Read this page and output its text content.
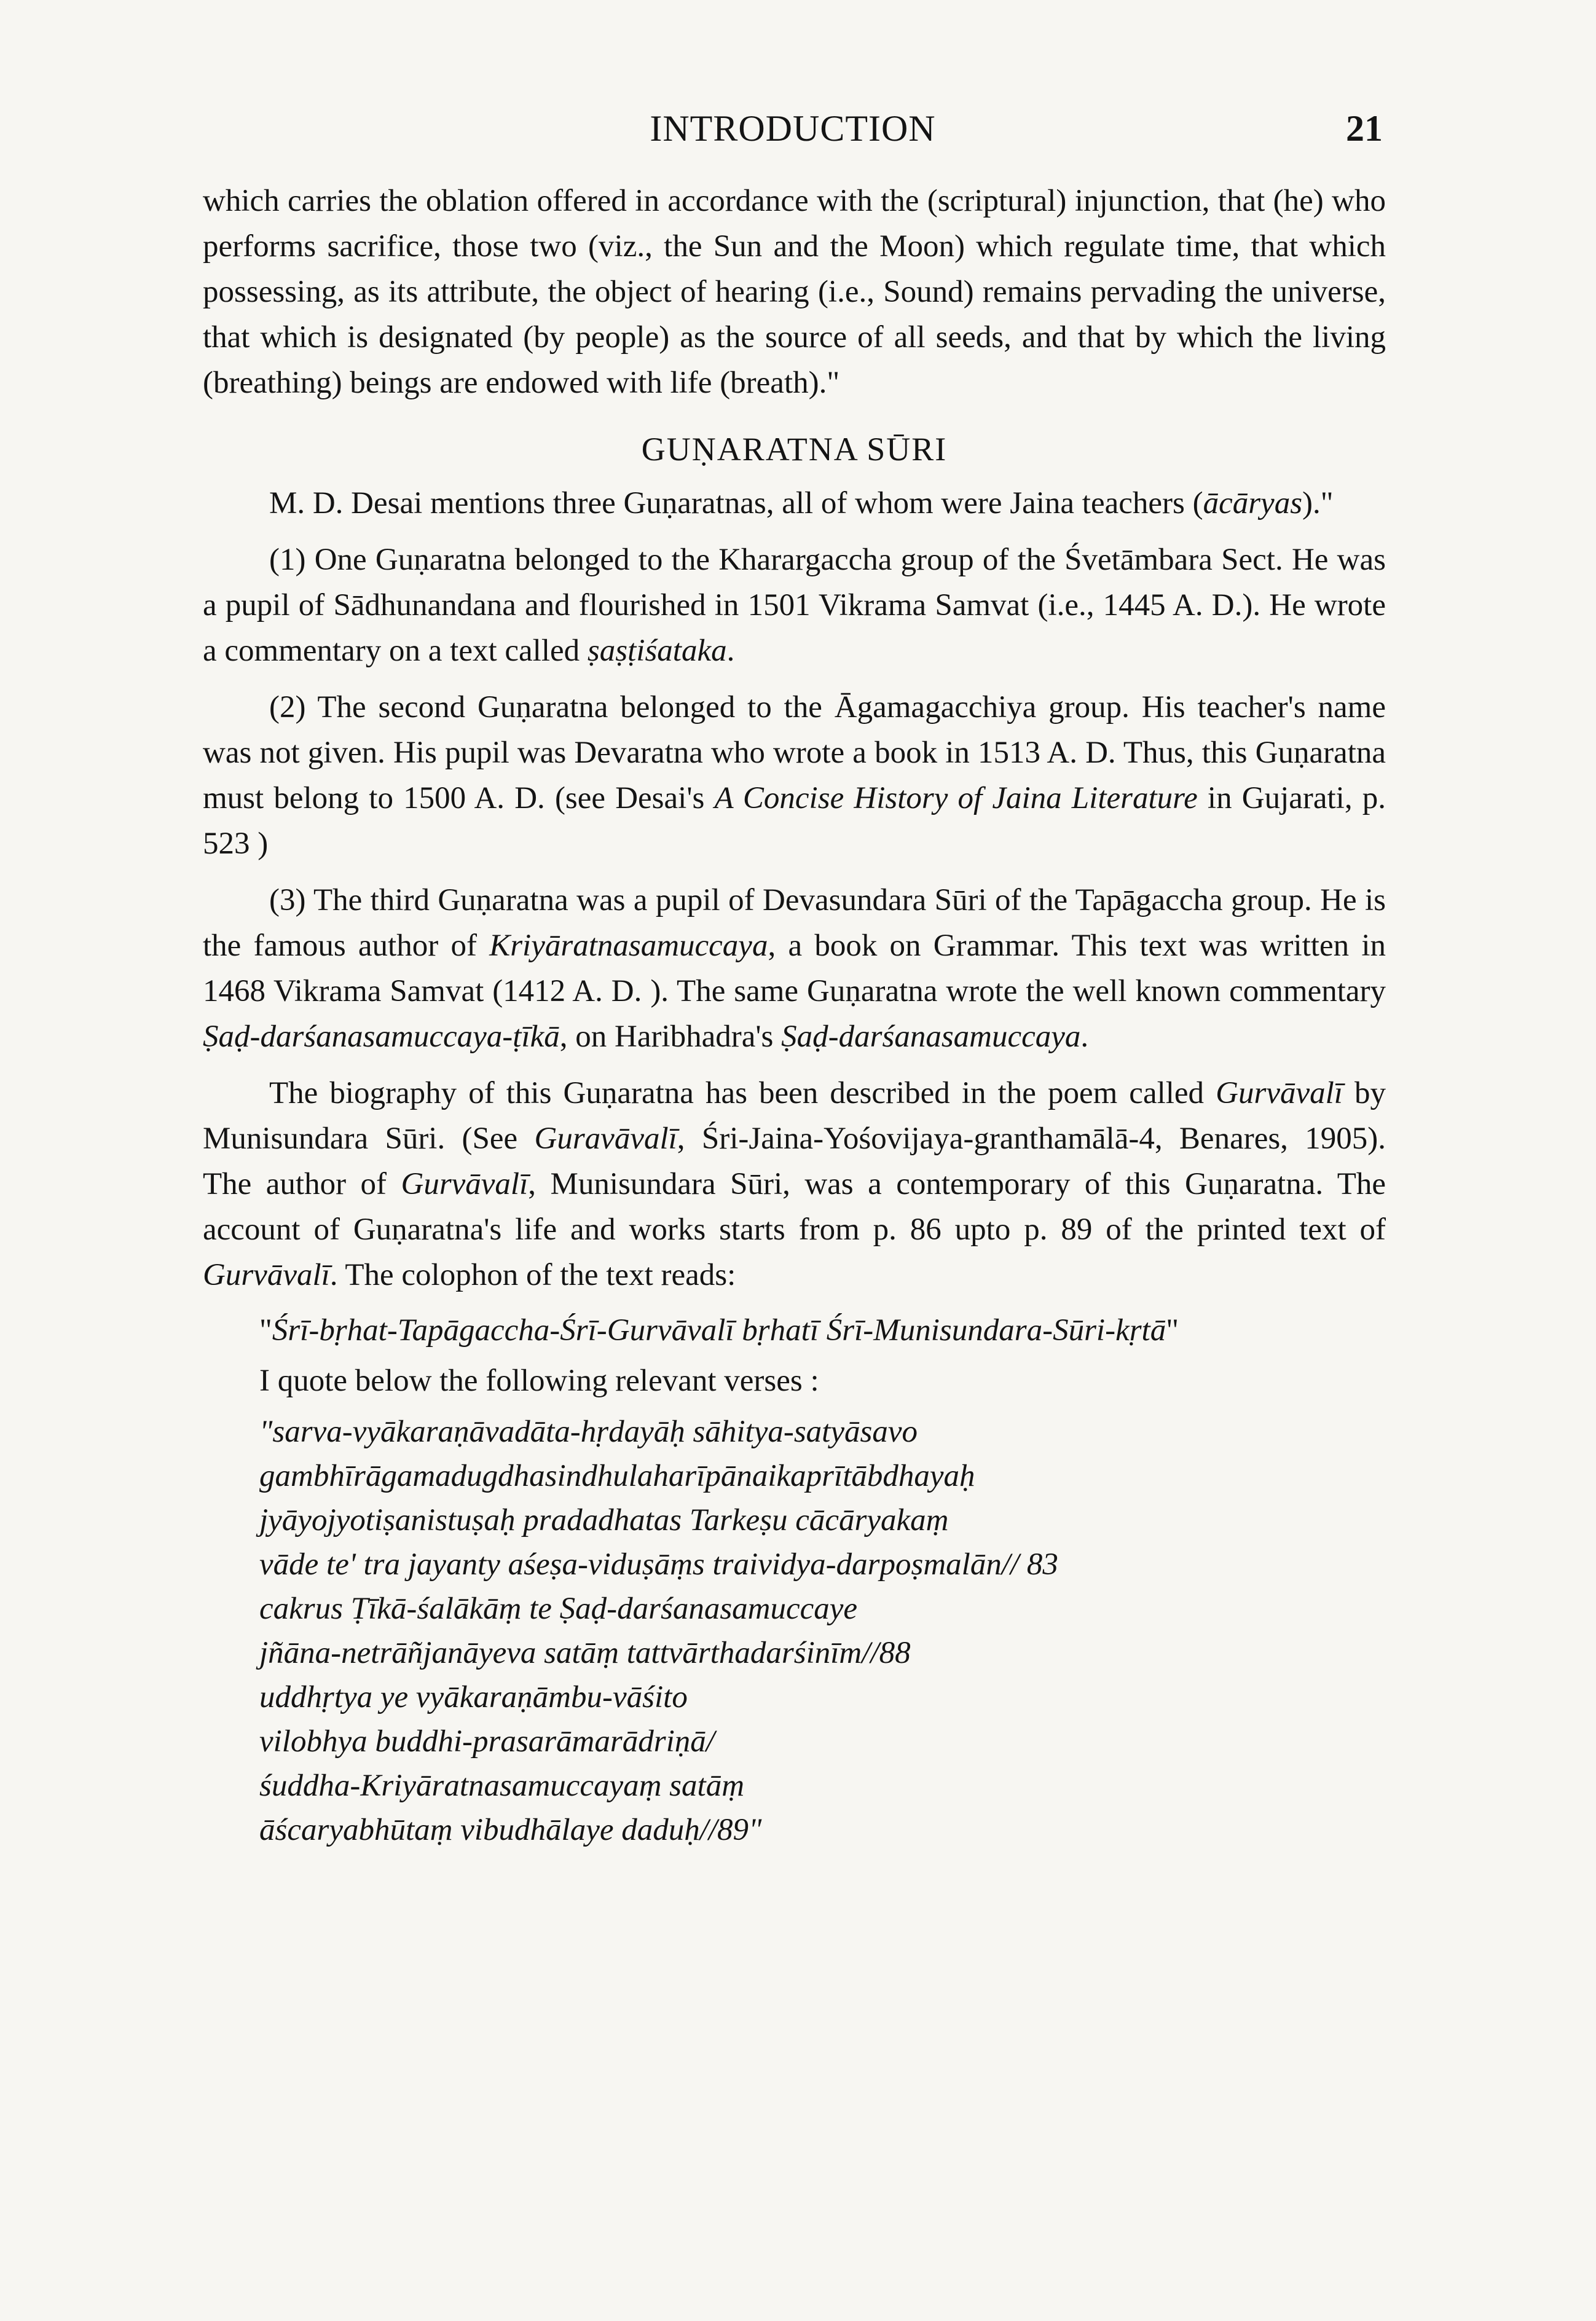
INTRODUCTION	21

which carries the oblation offered in accordance with the (scriptural) injunction, that (he) who performs sacrifice, those two (viz., the Sun and the Moon) which regulate time, that which possessing, as its attribute, the object of hearing (i.e., Sound) remains pervading the universe, that which is designated (by people) as the source of all seeds, and that by which the living (breathing) beings are endowed with life (breath)."

GUṆARATNA SŪRI

M. D. Desai mentions three Guṇaratnas, all of whom were Jaina teachers (ācāryas)."

(1) One Guṇaratna belonged to the Kharargaccha group of the Śvetāmbara Sect. He was a pupil of Sādhunandana and flourished in 1501 Vikrama Samvat (i.e., 1445 A. D.). He wrote a commentary on a text called ṣaṣṭiśataka.

(2) The second Guṇaratna belonged to the Āgamagacchiya group. His teacher's name was not given. His pupil was Devaratna who wrote a book in 1513 A. D. Thus, this Guṇaratna must belong to 1500 A. D. (see Desai's A Concise History of Jaina Literature in Gujarati, p. 523 )

(3) The third Guṇaratna was a pupil of Devasundara Sūri of the Tapāgaccha group. He is the famous author of Kriyāratnasamuccaya, a book on Grammar. This text was written in 1468 Vikrama Samvat (1412 A. D. ). The same Guṇaratna wrote the well known commentary Ṣaḍ-darśanasamuccaya-ṭīkā, on Haribhadra's Ṣaḍ-darśanasamuccaya.

The biography of this Guṇaratna has been described in the poem called Gurvāvalī by Munisundara Sūri. (See Guravāvalī, Śri-Jaina-Yośovijaya-granthamālā-4, Benares, 1905). The author of Gurvāvalī, Munisundara Sūri, was a contemporary of this Guṇaratna. The account of Guṇaratna's life and works starts from p. 86 upto p. 89 of the printed text of Gurvāvalī. The colophon of the text reads:

"Śrī-bṛhat-Tapāgaccha-Śrī-Gurvāvalī bṛhatī Śrī-Munisundara-Sūri-kṛtā"

I quote below the following relevant verses :

"sarva-vyākaraṇāvadāta-hṛdayāḥ sāhitya-satyāsavo
gambhīrāgamadugdhasindhulaharīpānaikaprītābdhayaḥ
jyāyojyotiṣanistuṣaḥ pradadhatas Tarkeṣu cācāryakaṃ
vāde te' tra jayanty aśeṣa-viduṣāṃs traividya-darpoṣmalān// 83
cakrus Ṭīkā-śalākāṃ te Ṣaḍ-darśanasamuccaye
jñāna-netrāñjanāyeva satāṃ tattvārthadarśinīm//88
uddhṛtya ye vyākaraṇāmbu-vāśito
vilobhya buddhi-prasarāmarādriṇā/
śuddha-Kriyāratnasamuccayaṃ satāṃ
āścaryabhūtaṃ vibudhālaye daduḥ//89"
